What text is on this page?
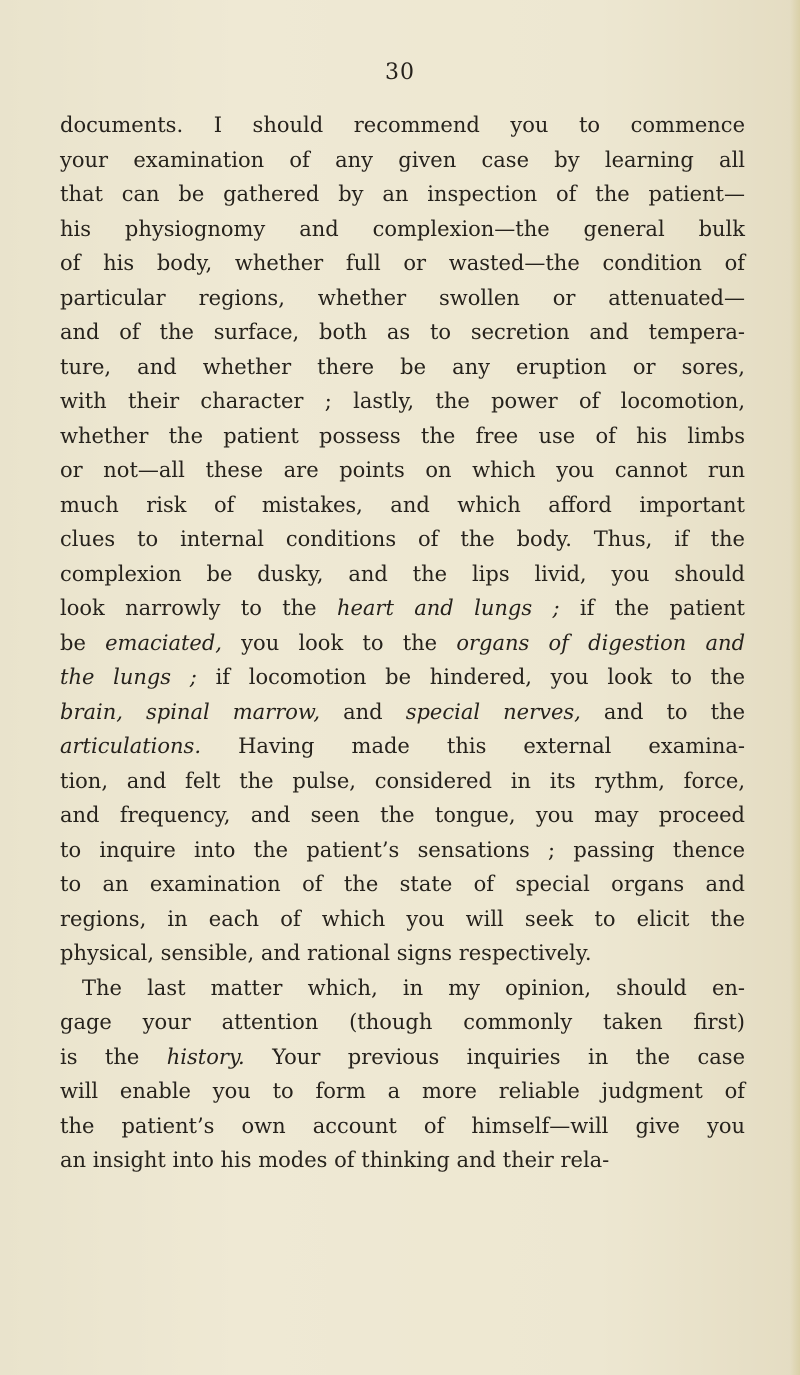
30

documents. I should recommend you to commence
your examination of any given case by learning all
that can be gathered by an inspection of the patient—
his physiognomy and complexion—the general bulk
of his body, whether full or wasted—the condition of
particular regions, whether swollen or attenuated—
and of the surface, both as to secretion and tempera-
ture, and whether there be any eruption or sores,
with their character ; lastly, the power of locomotion,
whether the patient possess the free use of his limbs
or not—all these are points on which you cannot run
much risk of mistakes, and which afford important
clues to internal conditions of the body. Thus, if the
complexion be dusky, and the lips livid, you should
look narrowly to the heart and lungs ; if the patient
be emaciated, you look to the organs of digestion and
the lungs ; if locomotion be hindered, you look to the
brain, spinal marrow, and special nerves, and to the
articulations. Having made this external examina-
tion, and felt the pulse, considered in its rythm, force,
and frequency, and seen the tongue, you may proceed
to inquire into the patient’s sensations ; passing thence
to an examination of the state of special organs and
regions, in each of which you will seek to elicit the
physical, sensible, and rational signs respectively.
The last matter which, in my opinion, should en-
gage your attention (though commonly taken first)
is the history. Your previous inquiries in the case
will enable you to form a more reliable judgment of
the patient’s own account of himself—will give you
an insight into his modes of thinking and their rela-
